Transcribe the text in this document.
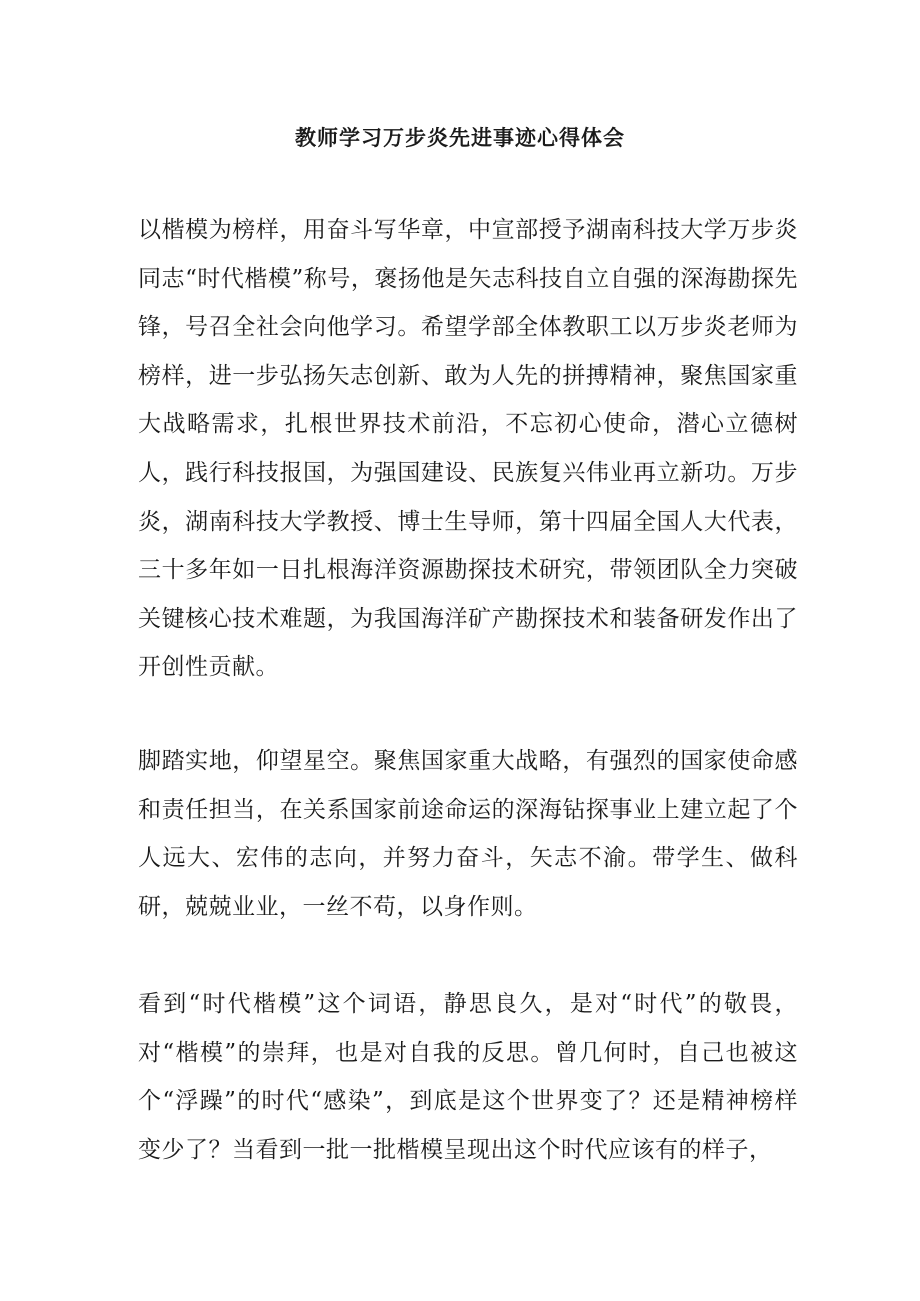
教师学习万步炎先进事迹心得体会

以楷模为榜样，用奋斗写华章，中宣部授予湖南科技大学万步炎同志“时代楷模”称号，褒扬他是矢志科技自立自强的深海勘探先锋，号召全社会向他学习。希望学部全体教职工以万步炎老师为榜样，进一步弘扬矢志创新、敢为人先的拼搏精神，聚焦国家重大战略需求，扎根世界技术前沿，不忘初心使命，潜心立德树人，践行科技报国，为强国建设、民族复兴伟业再立新功。万步炎，湖南科技大学教授、博士生导师，第十四届全国人大代表，三十多年如一日扎根海洋资源勘探技术研究，带领团队全力突破关键核心技术难题，为我国海洋矿产勘探技术和装备研发作出了开创性贡献。

脚踏实地，仰望星空。聚焦国家重大战略，有强烈的国家使命感和责任担当，在关系国家前途命运的深海钻探事业上建立起了个人远大、宏伟的志向，并努力奋斗，矢志不渝。带学生、做科研，兢兢业业，一丝不苟，以身作则。

看到“时代楷模”这个词语，静思良久，是对“时代”的敬畏，对“楷模”的崇拜，也是对自我的反思。曾几何时，自己也被这个“浮躁”的时代“感染”，到底是这个世界变了？还是精神榜样变少了？当看到一批一批楷模呈现出这个时代应该有的样子，
